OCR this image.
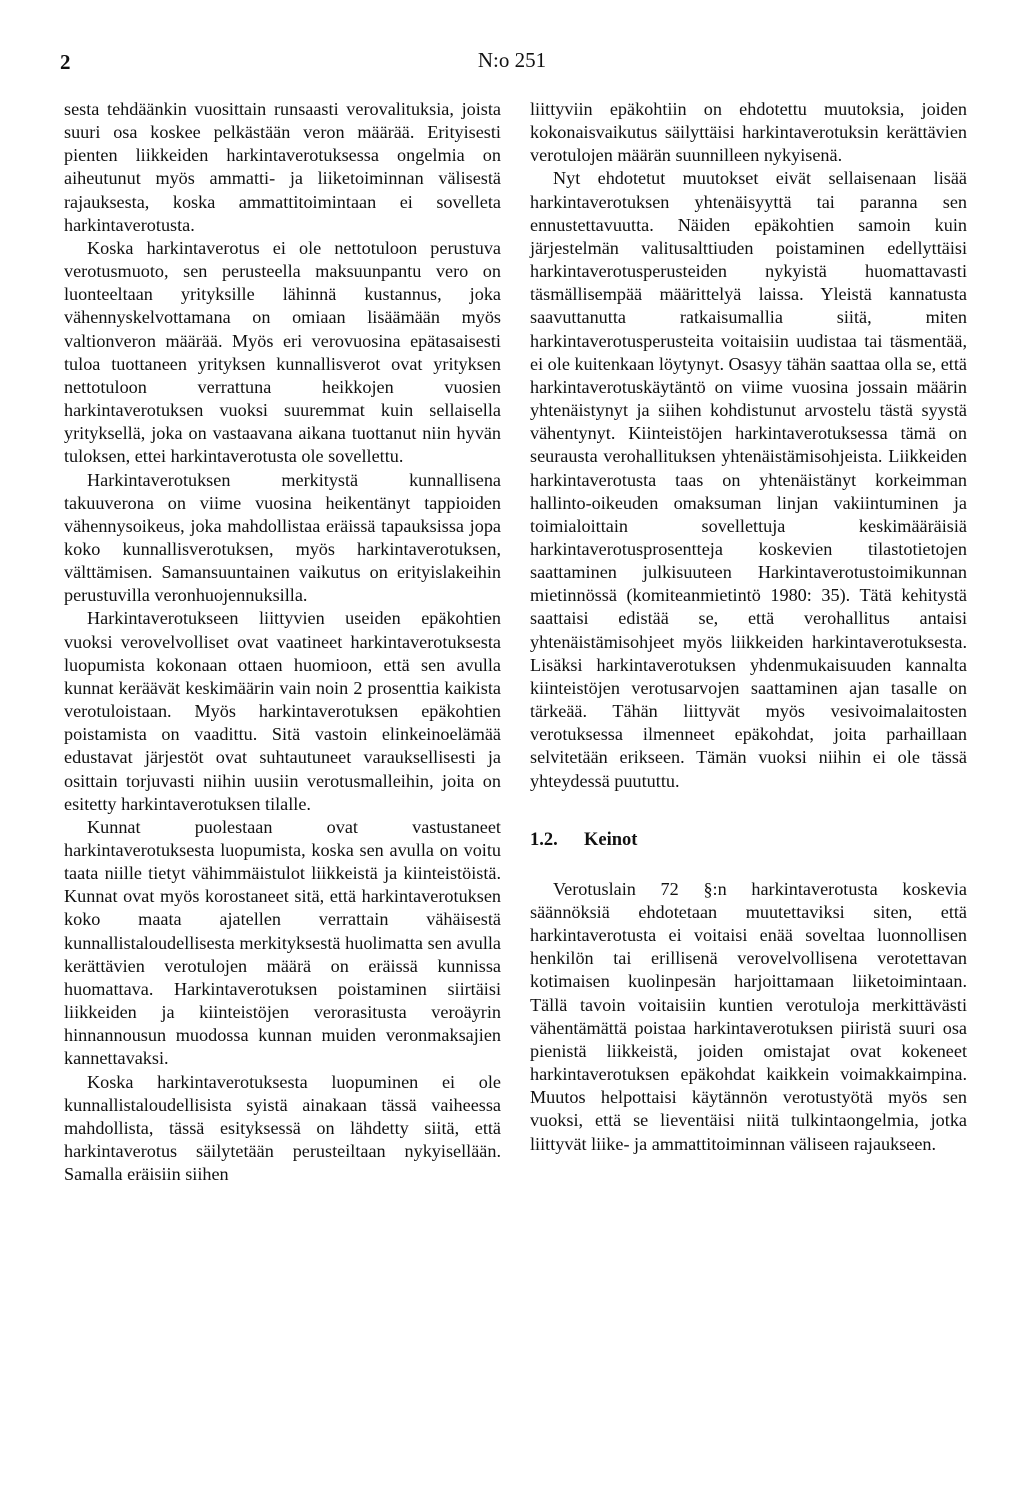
2	N:o 251

sesta tehdäänkin vuosittain runsaasti verovalituksia, joista suuri osa koskee pelkästään veron määrää. Erityisesti pienten liikkeiden harkintaverotuksessa ongelmia on aiheutunut myös ammatti- ja liiketoiminnan välisestä rajauksesta, koska ammattitoimintaan ei sovelleta harkintaverotusta.

Koska harkintaverotus ei ole nettotuloon perustuva verotusmuoto, sen perusteella maksuunpantu vero on luonteeltaan yrityksille lähinnä kustannus, joka vähennyskelvottamana on omiaan lisäämään myös valtionveron määrää. Myös eri verovuosina epätasaisesti tuloa tuottaneen yrityksen kunnallisverot ovat yrityksen nettotuloon verrattuna heikkojen vuosien harkintaverotuksen vuoksi suuremmat kuin sellaisella yrityksellä, joka on vastaavana aikana tuottanut niin hyvän tuloksen, ettei harkintaverotusta ole sovellettu.

Harkintaverotuksen merkitystä kunnallisena takuuverona on viime vuosina heikentänyt tappioiden vähennysoikeus, joka mahdollistaa eräissä tapauksissa jopa koko kunnallisverotuksen, myös harkintaverotuksen, välttämisen. Samansuuntainen vaikutus on erityislakeihin perustuvilla veronhuojennuksilla.

Harkintaverotukseen liittyvien useiden epäkohtien vuoksi verovelvolliset ovat vaatineet harkintaverotuksesta luopumista kokonaan ottaen huomioon, että sen avulla kunnat keräävät keskimäärin vain noin 2 prosenttia kaikista verotuloistaan. Myös harkintaverotuksen epäkohtien poistamista on vaadittu. Sitä vastoin elinkeinoelämää edustavat järjestöt ovat suhtautuneet varauksellisesti ja osittain torjuvasti niihin uusiin verotusmalleihin, joita on esitetty harkintaverotuksen tilalle.

Kunnat puolestaan ovat vastustaneet harkintaverotuksesta luopumista, koska sen avulla on voitu taata niille tietyt vähimmäistulot liikkeistä ja kiinteistöistä. Kunnat ovat myös korostaneet sitä, että harkintaverotuksen koko maata ajatellen verrattain vähäisestä kunnallistaloudellisesta merkityksestä huolimatta sen avulla kerättävien verotulojen määrä on eräissä kunnissa huomattava. Harkintaverotuksen poistaminen siirtäisi liikkeiden ja kiinteistöjen verorasitusta veroäyrin hinnannousun muodossa kunnan muiden veronmaksajien kannettavaksi.

Koska harkintaverotuksesta luopuminen ei ole kunnallistaloudellisista syistä ainakaan tässä vaiheessa mahdollista, tässä esityksessä on lähdetty siitä, että harkintaverotus säilytetään perusteiltaan nykyisellään. Samalla eräisiin siihen

liittyviin epäkohtiin on ehdotettu muutoksia, joiden kokonaisvaikutus säilyttäisi harkintaverotuksin kerättävien verotulojen määrän suunnilleen nykyisenä.

Nyt ehdotetut muutokset eivät sellaisenaan lisää harkintaverotuksen yhtenäisyyttä tai paranna sen ennustettavuutta. Näiden epäkohtien samoin kuin järjestelmän valitusalttiuden poistaminen edellyttäisi harkintaverotusperusteiden nykyistä huomattavasti täsmällisempää määrittelyä laissa. Yleistä kannatusta saavuttanutta ratkaisumallia siitä, miten harkintaverotusperusteita voitaisiin uudistaa tai täsmentää, ei ole kuitenkaan löytynyt. Osasyy tähän saattaa olla se, että harkintaverotuskäytäntö on viime vuosina jossain määrin yhtenäistynyt ja siihen kohdistunut arvostelu tästä syystä vähentynyt. Kiinteistöjen harkintaverotuksessa tämä on seurausta verohallituksen yhtenäistämisohjeista. Liikkeiden harkintaverotusta taas on yhtenäistänyt korkeimman hallinto-oikeuden omaksuman linjan vakiintuminen ja toimialoittain sovellettuja keskimääräisiä harkintaverotusprosentteja koskevien tilastotietojen saattaminen julkisuuteen Harkintaverotustoimikunnan mietinnössä (komiteanmietintö 1980: 35). Tätä kehitystä saattaisi edistää se, että verohallitus antaisi yhtenäistämisohjeet myös liikkeiden harkintaverotuksesta. Lisäksi harkintaverotuksen yhdenmukaisuuden kannalta kiinteistöjen verotusarvojen saattaminen ajan tasalle on tärkeää. Tähän liittyvät myös vesivoimalaitosten verotuksessa ilmenneet epäkohdat, joita parhaillaan selvitetään erikseen. Tämän vuoksi niihin ei ole tässä yhteydessä puututtu.

1.2. Keinot

Verotuslain 72 §:n harkintaverotusta koskevia säännöksiä ehdotetaan muutettaviksi siten, että harkintaverotusta ei voitaisi enää soveltaa luonnollisen henkilön tai erillisenä verovelvollisena verotettavan kotimaisen kuolinpesän harjoittamaan liiketoimintaan. Tällä tavoin voitaisiin kuntien verotuloja merkittävästi vähentämättä poistaa harkintaverotuksen piiristä suuri osa pienistä liikkeistä, joiden omistajat ovat kokeneet harkintaverotuksen epäkohdat kaikkein voimakkaimpina. Muutos helpottaisi käytännön verotustyötä myös sen vuoksi, että se lieventäisi niitä tulkintaongelmia, jotka liittyvät liike- ja ammattitoiminnan väliseen rajaukseen.
